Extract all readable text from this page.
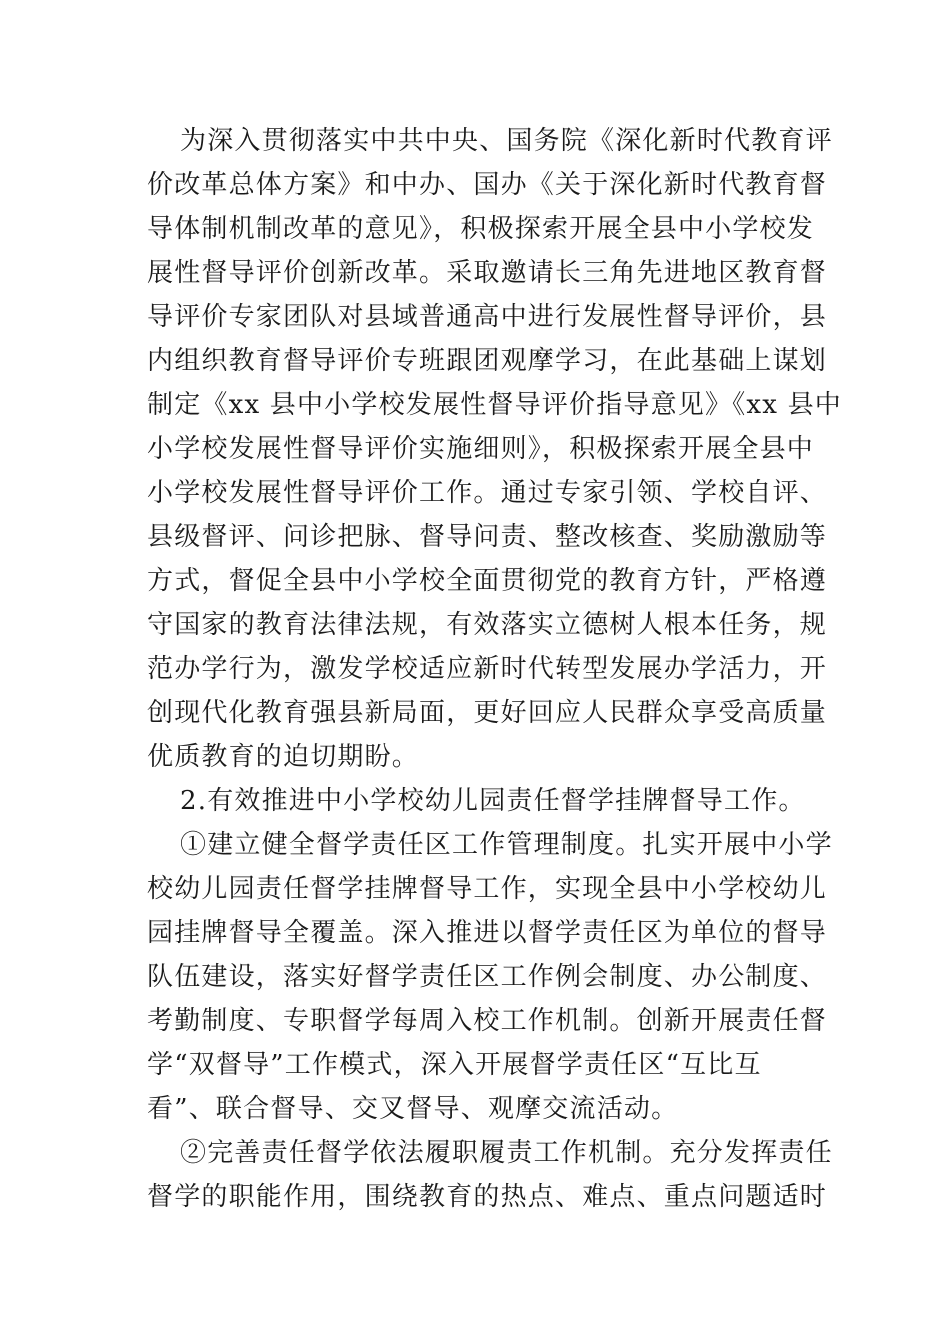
为深入贯彻落实中共中央、国务院《深化新时代教育评
价改革总体方案》和中办、国办《关于深化新时代教育督
导体制机制改革的意见》，积极探索开展全县中小学校发
展性督导评价创新改革。采取邀请长三角先进地区教育督
导评价专家团队对县域普通高中进行发展性督导评价，县
内组织教育督导评价专班跟团观摩学习，在此基础上谋划
制定《xx 县中小学校发展性督导评价指导意见》《xx 县中
小学校发展性督导评价实施细则》，积极探索开展全县中
小学校发展性督导评价工作。通过专家引领、学校自评、
县级督评、问诊把脉、督导问责、整改核查、奖励激励等
方式，督促全县中小学校全面贯彻党的教育方针，严格遵
守国家的教育法律法规，有效落实立德树人根本任务，规
范办学行为，激发学校适应新时代转型发展办学活力，开
创现代化教育强县新局面，更好回应人民群众享受高质量
优质教育的迫切期盼。
2.有效推进中小学校幼儿园责任督学挂牌督导工作。
①建立健全督学责任区工作管理制度。扎实开展中小学
校幼儿园责任督学挂牌督导工作，实现全县中小学校幼儿
园挂牌督导全覆盖。深入推进以督学责任区为单位的督导
队伍建设，落实好督学责任区工作例会制度、办公制度、
考勤制度、专职督学每周入校工作机制。创新开展责任督
学“双督导”工作模式，深入开展督学责任区“互比互
看”、联合督导、交叉督导、观摩交流活动。
②完善责任督学依法履职履责工作机制。充分发挥责任
督学的职能作用，围绕教育的热点、难点、重点问题适时
